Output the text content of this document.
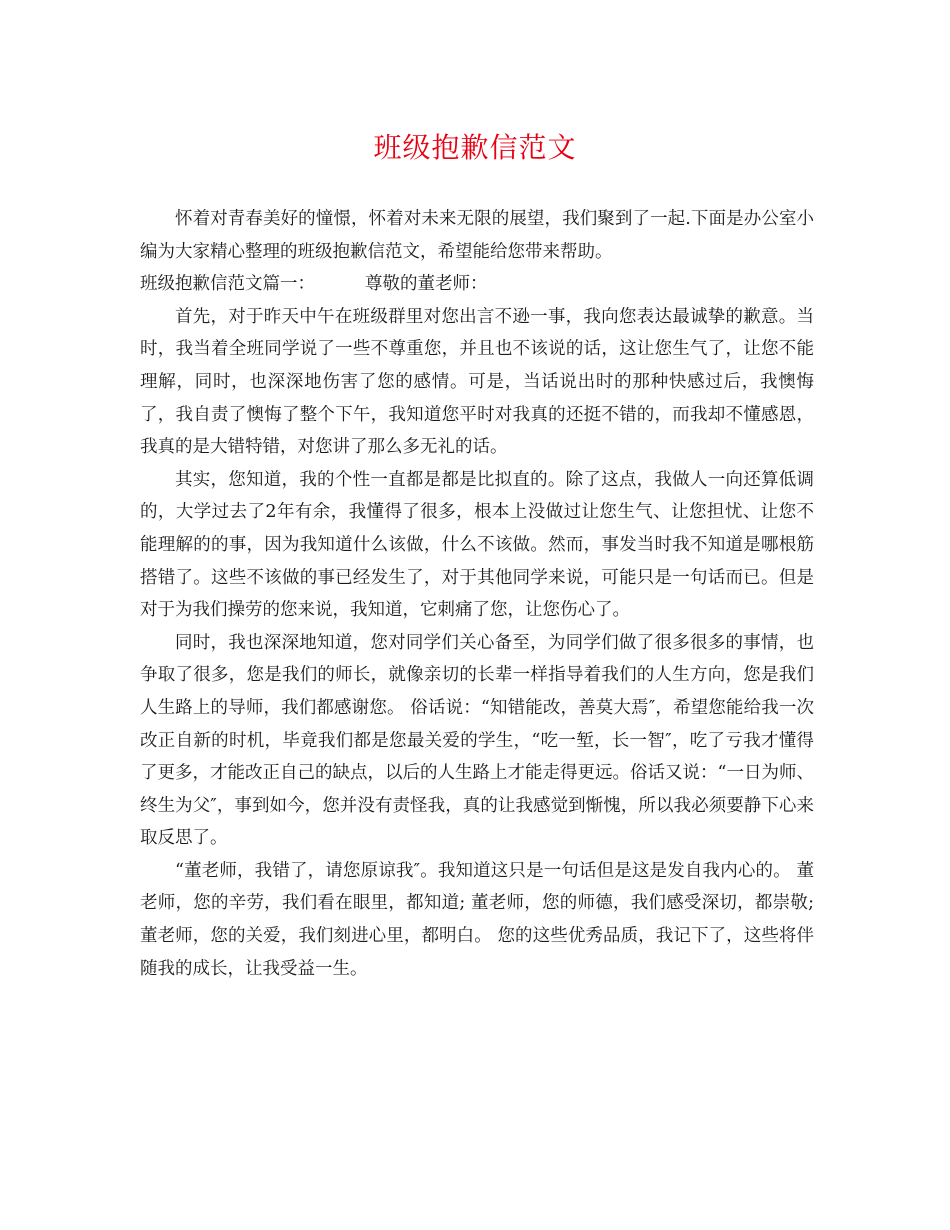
班级抱歉信范文

怀着对青春美好的憧憬，怀着对未来无限的展望，我们聚到了一起.下面是办公室小编为大家精心整理的班级抱歉信范文，希望能给您带来帮助。

班级抱歉信范文篇一：	尊敬的董老师：

首先，对于昨天中午在班级群里对您出言不逊一事，我向您表达最诚挚的歉意。当时，我当着全班同学说了一些不尊重您，并且也不该说的话，这让您生气了，让您不能理解，同时，也深深地伤害了您的感情。可是，当话说出时的那种快感过后，我懊悔了，我自责了懊悔了整个下午，我知道您平时对我真的还挺不错的，而我却不懂感恩，我真的是大错特错，对您讲了那么多无礼的话。

其实，您知道，我的个性一直都是都是比拟直的。除了这点，我做人一向还算低调的，大学过去了2年有余，我懂得了很多，根本上没做过让您生气、让您担忧、让您不能理解的的事，因为我知道什么该做，什么不该做。然而，事发当时我不知道是哪根筋搭错了。这些不该做的事已经发生了，对于其他同学来说，可能只是一句话而已。但是对于为我们操劳的您来说，我知道，它刺痛了您，让您伤心了。

同时，我也深深地知道，您对同学们关心备至，为同学们做了很多很多的事情，也争取了很多，您是我们的师长，就像亲切的长辈一样指导着我们的人生方向，您是我们人生路上的导师，我们都感谢您。 俗话说：“知错能改，善莫大焉″，希望您能给我一次改正自新的时机，毕竟我们都是您最关爱的学生，“吃一堑，长一智″，吃了亏我才懂得了更多，才能改正自己的缺点，以后的人生路上才能走得更远。俗话又说：“一日为师、终生为父″，事到如今，您并没有责怪我，真的让我感觉到惭愧，所以我必须要静下心来取反思了。

“董老师，我错了，请您原谅我″。我知道这只是一句话但是这是发自我内心的。 董老师，您的辛劳，我们看在眼里，都知道; 董老师，您的师德，我们感受深切，都崇敬; 董老师，您的关爱，我们刻进心里，都明白。 您的这些优秀品质，我记下了，这些将伴随我的成长，让我受益一生。
